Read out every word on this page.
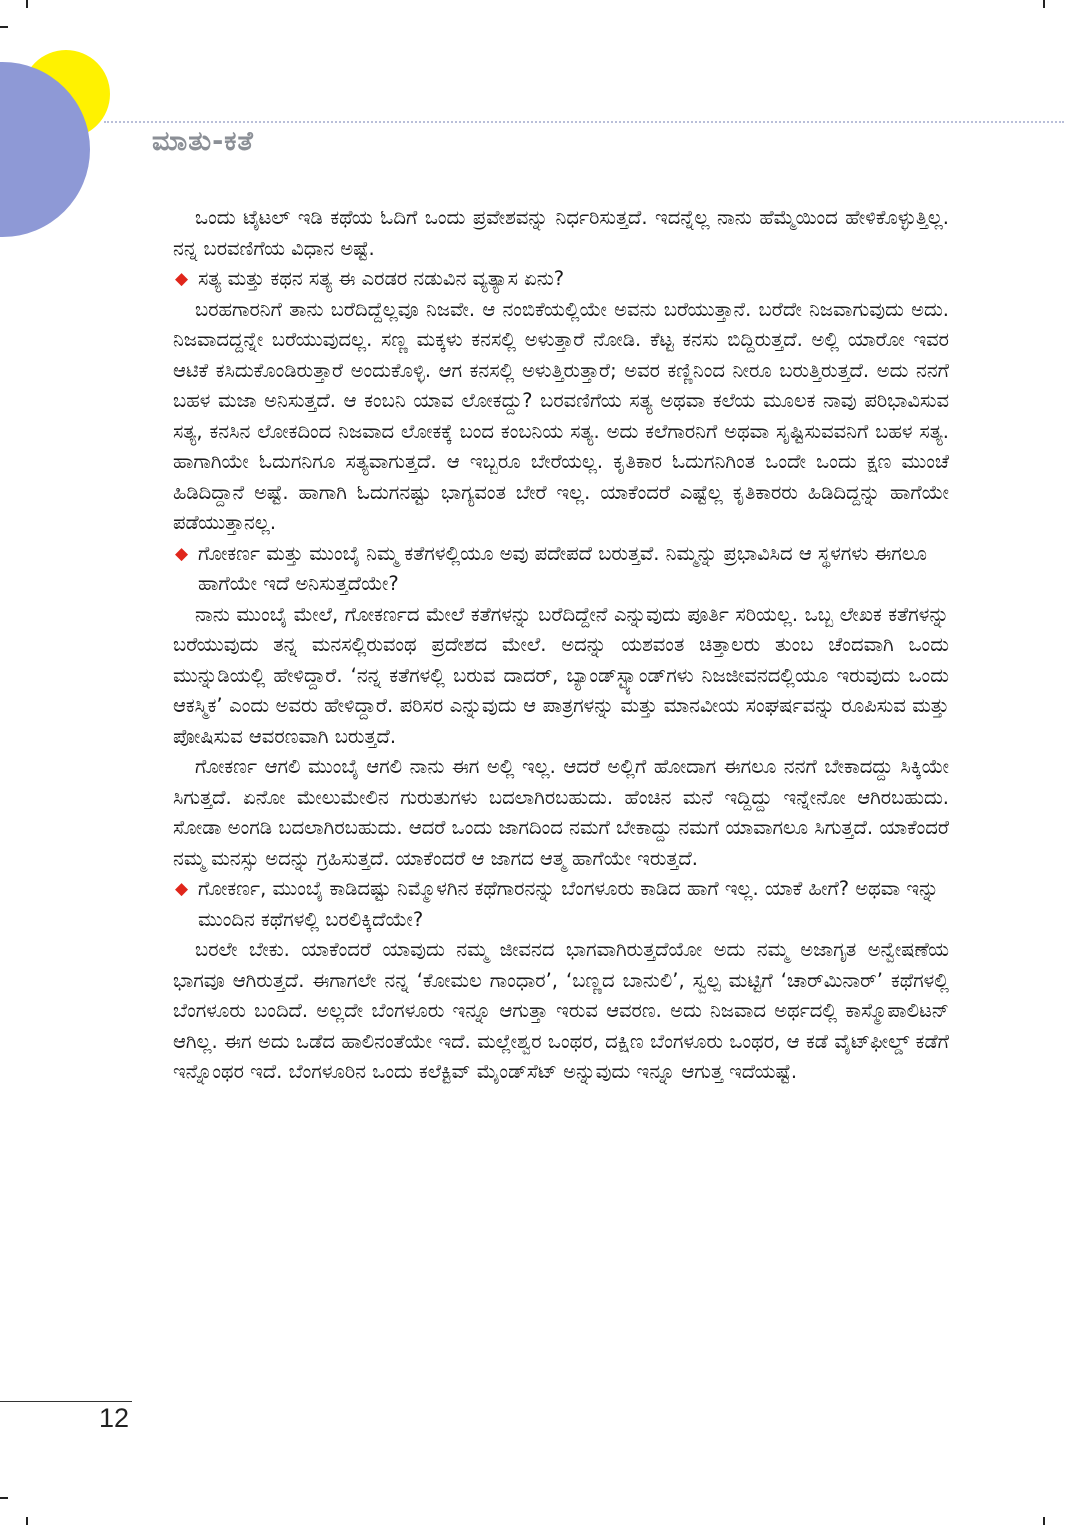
ಮಾತು-ಕತೆ

ಒಂದು ಟೈಟಲ್ ಇಡಿ ಕಥೆಯ ಓದಿಗೆ ಒಂದು ಪ್ರವೇಶವನ್ನು ನಿರ್ಧರಿಸುತ್ತದೆ. ಇದನ್ನೆಲ್ಲ ನಾನು ಹೆಮ್ಮೆಯಿಂದ ಹೇಳಿಕೊಳ್ಳುತ್ತಿಲ್ಲ. ನನ್ನ ಬರವಣಿಗೆಯ ವಿಧಾನ ಅಷ್ಟೆ.

◆ ಸತ್ಯ ಮತ್ತು ಕಥನ ಸತ್ಯ ಈ ಎರಡರ ನಡುವಿನ ವ್ಯತ್ಯಾಸ ಏನು?

ಬರಹಗಾರನಿಗೆ ತಾನು ಬರೆದಿದ್ದೆಲ್ಲವೂ ನಿಜವೇ. ಆ ನಂಬಿಕೆಯಲ್ಲಿಯೇ ಅವನು ಬರೆಯುತ್ತಾನೆ. ಬರೆದೇ ನಿಜವಾಗುವುದು ಅದು. ನಿಜವಾದದ್ದನ್ನೇ ಬರೆಯುವುದಲ್ಲ. ಸಣ್ಣ ಮಕ್ಕಳು ಕನಸಲ್ಲಿ ಅಳುತ್ತಾರೆ ನೋಡಿ. ಕೆಟ್ಟ ಕನಸು ಬಿದ್ದಿರುತ್ತದೆ. ಅಲ್ಲಿ ಯಾರೋ ಇವರ ಆಟಿಕೆ ಕಸಿದುಕೊಂಡಿರುತ್ತಾರೆ ಅಂದುಕೊಳ್ಳಿ. ಆಗ ಕನಸಲ್ಲಿ ಅಳುತ್ತಿರುತ್ತಾರೆ; ಅವರ ಕಣ್ಣಿನಿಂದ ನೀರೂ ಬರುತ್ತಿರುತ್ತದೆ. ಅದು ನನಗೆ ಬಹಳ ಮಜಾ ಅನಿಸುತ್ತದೆ. ಆ ಕಂಬನಿ ಯಾವ ಲೋಕದ್ದು? ಬರವಣಿಗೆಯ ಸತ್ಯ ಅಥವಾ ಕಲೆಯ ಮೂಲಕ ನಾವು ಪರಿಭಾವಿಸುವ ಸತ್ಯ, ಕನಸಿನ ಲೋಕದಿಂದ ನಿಜವಾದ ಲೋಕಕ್ಕೆ ಬಂದ ಕಂಬನಿಯ ಸತ್ಯ. ಅದು ಕಲೆಗಾರನಿಗೆ ಅಥವಾ ಸೃಷ್ಟಿಸುವವನಿಗೆ ಬಹಳ ಸತ್ಯ. ಹಾಗಾಗಿಯೇ ಓದುಗನಿಗೂ ಸತ್ಯವಾಗುತ್ತದೆ. ಆ ಇಬ್ಬರೂ ಬೇರೆಯಲ್ಲ. ಕೃತಿಕಾರ ಓದುಗನಿಗಿಂತ ಒಂದೇ ಒಂದು ಕ್ಷಣ ಮುಂಚೆ ಹಿಡಿದಿದ್ದಾನೆ ಅಷ್ಟೆ. ಹಾಗಾಗಿ ಓದುಗನಷ್ಟು ಭಾಗ್ಯವಂತ ಬೇರೆ ಇಲ್ಲ. ಯಾಕೆಂದರೆ ಎಷ್ಟೆಲ್ಲ ಕೃತಿಕಾರರು ಹಿಡಿದಿದ್ದನ್ನು ಹಾಗೆಯೇ ಪಡೆಯುತ್ತಾನಲ್ಲ.

◆ ಗೋಕರ್ಣ ಮತ್ತು ಮುಂಬೈ ನಿಮ್ಮ ಕತೆಗಳಲ್ಲಿಯೂ ಅವು ಪದೇಪದೆ ಬರುತ್ತವೆ. ನಿಮ್ಮನ್ನು ಪ್ರಭಾವಿಸಿದ ಆ ಸ್ಥಳಗಳು ಈಗಲೂ ಹಾಗೆಯೇ ಇದೆ ಅನಿಸುತ್ತದೆಯೇ?

ನಾನು ಮುಂಬೈ ಮೇಲೆ, ಗೋಕರ್ಣದ ಮೇಲೆ ಕತೆಗಳನ್ನು ಬರೆದಿದ್ದೇನೆ ಎನ್ನುವುದು ಪೂರ್ತಿ ಸರಿಯಲ್ಲ. ಒಬ್ಬ ಲೇಖಕ ಕತೆಗಳನ್ನು ಬರೆಯುವುದು ತನ್ನ ಮನಸಲ್ಲಿರುವಂಥ ಪ್ರದೇಶದ ಮೇಲೆ. ಅದನ್ನು ಯಶವಂತ ಚಿತ್ತಾಲರು ತುಂಬ ಚೆಂದವಾಗಿ ಒಂದು ಮುನ್ನುಡಿಯಲ್ಲಿ ಹೇಳಿದ್ದಾರೆ. ‘ನನ್ನ ಕತೆಗಳಲ್ಲಿ ಬರುವ ದಾದರ್, ಬ್ಯಾಂಡ್‌ಸ್ಟ್ಯಾಂಡ್‌ಗಳು ನಿಜಜೀವನದಲ್ಲಿಯೂ ಇರುವುದು ಒಂದು ಆಕಸ್ಮಿಕ’ ಎಂದು ಅವರು ಹೇಳಿದ್ದಾರೆ. ಪರಿಸರ ಎನ್ನುವುದು ಆ ಪಾತ್ರಗಳನ್ನು ಮತ್ತು ಮಾನವೀಯ ಸಂಘರ್ಷವನ್ನು ರೂಪಿಸುವ ಮತ್ತು ಪೋಷಿಸುವ ಆವರಣವಾಗಿ ಬರುತ್ತದೆ.

ಗೋಕರ್ಣ ಆಗಲಿ ಮುಂಬೈ ಆಗಲಿ ನಾನು ಈಗ ಅಲ್ಲಿ ಇಲ್ಲ. ಆದರೆ ಅಲ್ಲಿಗೆ ಹೋದಾಗ ಈಗಲೂ ನನಗೆ ಬೇಕಾದದ್ದು ಸಿಕ್ಕಿಯೇ ಸಿಗುತ್ತದೆ. ಏನೋ ಮೇಲುಮೇಲಿನ ಗುರುತುಗಳು ಬದಲಾಗಿರಬಹುದು. ಹೆಂಚಿನ ಮನೆ ಇದ್ದಿದ್ದು ಇನ್ನೇನೋ ಆಗಿರಬಹುದು. ಸೋಡಾ ಅಂಗಡಿ ಬದಲಾಗಿರಬಹುದು. ಆದರೆ ಒಂದು ಜಾಗದಿಂದ ನಮಗೆ ಬೇಕಾದ್ದು ನಮಗೆ ಯಾವಾಗಲೂ ಸಿಗುತ್ತದೆ. ಯಾಕೆಂದರೆ ನಮ್ಮ ಮನಸ್ಸು ಅದನ್ನು ಗ್ರಹಿಸುತ್ತದೆ. ಯಾಕೆಂದರೆ ಆ ಜಾಗದ ಆತ್ಮ ಹಾಗೆಯೇ ಇರುತ್ತದೆ.

◆ ಗೋಕರ್ಣ, ಮುಂಬೈ ಕಾಡಿದಷ್ಟು ನಿಮ್ಮೊಳಗಿನ ಕಥೆಗಾರನನ್ನು ಬೆಂಗಳೂರು ಕಾಡಿದ ಹಾಗೆ ಇಲ್ಲ. ಯಾಕೆ ಹೀಗೆ? ಅಥವಾ ಇನ್ನು ಮುಂದಿನ ಕಥೆಗಳಲ್ಲಿ ಬರಲಿಕ್ಕಿದೆಯೇ?

ಬರಲೇ ಬೇಕು. ಯಾಕೆಂದರೆ ಯಾವುದು ನಮ್ಮ ಜೀವನದ ಭಾಗವಾಗಿರುತ್ತದೆಯೋ ಅದು ನಮ್ಮ ಅಜಾಗೃತ ಅನ್ವೇಷಣೆಯ ಭಾಗವೂ ಆಗಿರುತ್ತದೆ. ಈಗಾಗಲೇ ನನ್ನ ‘ಕೋಮಲ ಗಾಂಧಾರ’, ‘ಬಣ್ಣದ ಬಾನುಲಿ’, ಸ್ವಲ್ಪ ಮಟ್ಟಿಗೆ ‘ಚಾರ್‌ಮಿನಾರ್’ ಕಥೆಗಳಲ್ಲಿ ಬೆಂಗಳೂರು ಬಂದಿದೆ. ಅಲ್ಲದೇ ಬೆಂಗಳೂರು ಇನ್ನೂ ಆಗುತ್ತಾ ಇರುವ ಆವರಣ. ಅದು ನಿಜವಾದ ಅರ್ಥದಲ್ಲಿ ಕಾಸ್ಮೊಪಾಲಿಟನ್ ಆಗಿಲ್ಲ. ಈಗ ಅದು ಒಡೆದ ಹಾಲಿನಂತೆಯೇ ಇದೆ. ಮಲ್ಲೇಶ್ವರ ಒಂಥರ, ದಕ್ಷಿಣ ಬೆಂಗಳೂರು ಒಂಥರ, ಆ ಕಡೆ ವೈಟ್‌ಫೀಲ್ಡ್ ಕಡೆಗೆ ಇನ್ನೊಂಥರ ಇದೆ. ಬೆಂಗಳೂರಿನ ಒಂದು ಕಲೆಕ್ಟಿವ್ ಮೈಂಡ್‌ಸೆಟ್ ಅನ್ನುವುದು ಇನ್ನೂ ಆಗುತ್ತ ಇದೆಯಷ್ಟೆ.

12
